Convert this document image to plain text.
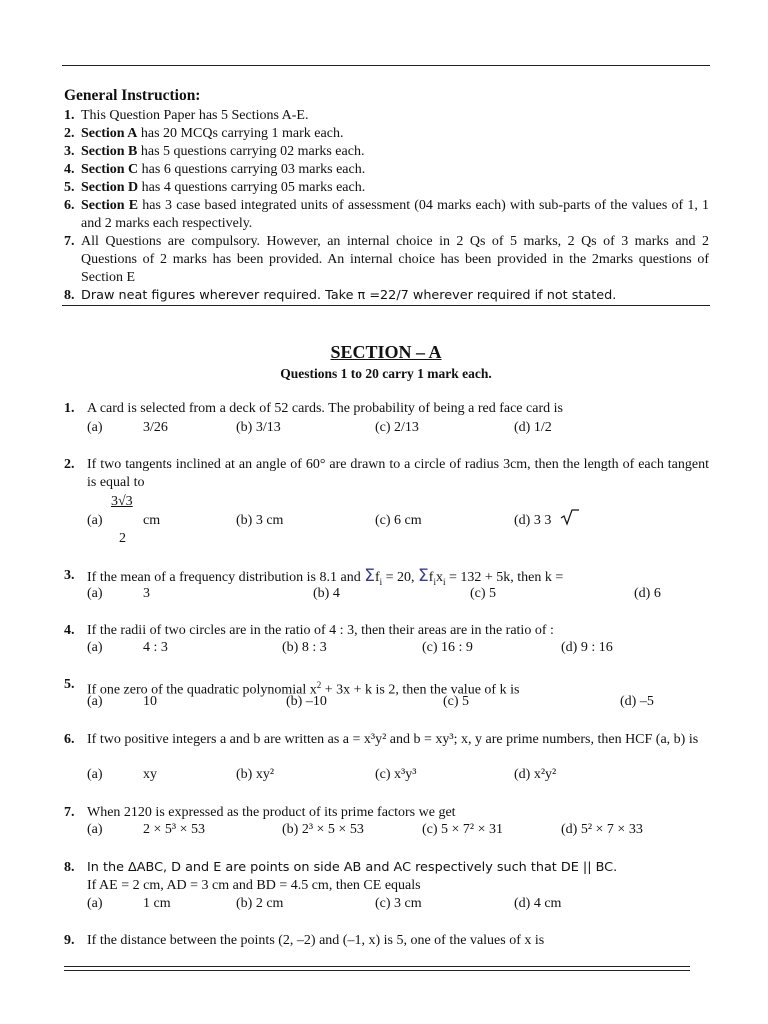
General Instruction:
1. This Question Paper has 5 Sections A-E.
2. Section A has 20 MCQs carrying 1 mark each.
3. Section B has 5 questions carrying 02 marks each.
4. Section C has 6 questions carrying 03 marks each.
5. Section D has 4 questions carrying 05 marks each.
6. Section E has 3 case based integrated units of assessment (04 marks each) with sub-parts of the values of 1, 1 and 2 marks each respectively.
7. All Questions are compulsory. However, an internal choice in 2 Qs of 5 marks, 2 Qs of 3 marks and 2 Questions of 2 marks has been provided. An internal choice has been provided in the 2marks questions of Section E
8. Draw neat figures wherever required. Take π =22/7 wherever required if not stated.
SECTION – A
Questions 1 to 20 carry 1 mark each.
1. A card is selected from a deck of 52 cards. The probability of being a red face card is
(a)	3/26	(b) 3/13	(c) 2/13	(d) 1/2
2. If two tangents inclined at an angle of 60° are drawn to a circle of radius 3cm, then the length of each tangent is equal to
3√3
2
(a)	cm	(b) 3 cm	(c) 6 cm	(d) 3 3
3. If the mean of a frequency distribution is 8.1 and $\Sigma f_i = 20$, $\Sigma f_ix_i = 132 + 5k$, then k =
(a)	3	(b) 4	(c) 5	(d) 6
4. If the radii of two circles are in the ratio of 4 : 3, then their areas are in the ratio of :
(a)	4 : 3	(b) 8 : 3	(c) 16 : 9	(d) 9 : 16
5. If one zero of the quadratic polynomial $x^2 + 3x + k$ is 2, then the value of k is
(a)	10	(b) –10	(c) 5	(d) –5
6. If two positive integers a and b are written as a = x³y² and b = xy³; x, y are prime numbers, then HCF (a, b) is
(a)	xy	(b) xy²	(c) x³y³	(d) x²y²
7. When 2120 is expressed as the product of its prime factors we get
(a)	2 × 5³ × 53	(b) 2³ × 5 × 53	(c) 5 × 7² × 31	(d) 5² × 7 × 33
8. In the ΔABC, D and E are points on side AB and AC respectively such that DE || BC.
If AE = 2 cm, AD = 3 cm and BD = 4.5 cm, then CE equals
(a)	1 cm	(b) 2 cm	(c) 3 cm	(d) 4 cm
9. If the distance between the points (2, –2) and (–1, x) is 5, one of the values of x is
